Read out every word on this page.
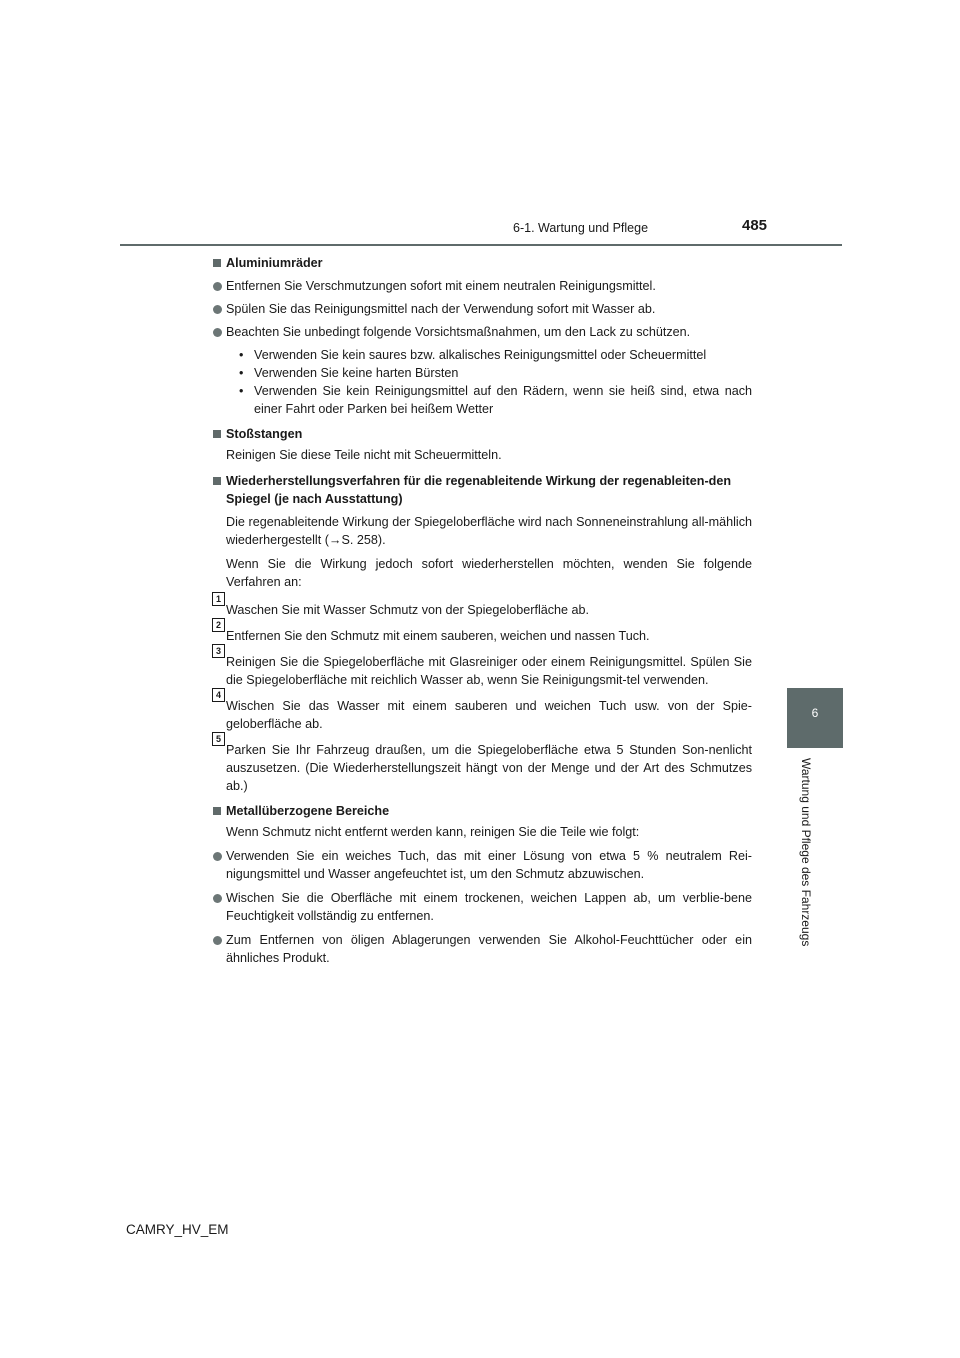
6-1. Wartung und Pflege	485
6
Wartung und Pflege des Fahrzeugs
Aluminiumräder
Entfernen Sie Verschmutzungen sofort mit einem neutralen Reinigungsmittel.
Spülen Sie das Reinigungsmittel nach der Verwendung sofort mit Wasser ab.
Beachten Sie unbedingt folgende Vorsichtsmaßnahmen, um den Lack zu schützen.
• Verwenden Sie kein saures bzw. alkalisches Reinigungsmittel oder Scheuermittel
• Verwenden Sie keine harten Bürsten
• Verwenden Sie kein Reinigungsmittel auf den Rädern, wenn sie heiß sind, etwa nach einer Fahrt oder Parken bei heißem Wetter
Stoßstangen

Reinigen Sie diese Teile nicht mit Scheuermitteln.

Wiederherstellungsverfahren für die regenableitende Wirkung der regenableiten-den Spiegel (je nach Ausstattung)

Die regenableitende Wirkung der Spiegeloberfläche wird nach Sonneneinstrahlung all-mählich wiederhergestellt (→S. 258).

Wenn Sie die Wirkung jedoch sofort wiederherstellen möchten, wenden Sie folgende Verfahren an:

1
Waschen Sie mit Wasser Schmutz von der Spiegeloberfläche ab.
2
Entfernen Sie den Schmutz mit einem sauberen, weichen und nassen Tuch.
3
Reinigen Sie die Spiegeloberfläche mit Glasreiniger oder einem Reinigungsmittel. Spülen Sie die Spiegeloberfläche mit reichlich Wasser ab, wenn Sie Reinigungsmit-tel verwenden.
4
Wischen Sie das Wasser mit einem sauberen und weichen Tuch usw. von der Spie-geloberfläche ab.
5
Parken Sie Ihr Fahrzeug draußen, um die Spiegeloberfläche etwa 5 Stunden Son-nenlicht auszusetzen. (Die Wiederherstellungszeit hängt von der Menge und der Art des Schmutzes ab.)
Metallüberzogene Bereiche

Wenn Schmutz nicht entfernt werden kann, reinigen Sie die Teile wie folgt:

Verwenden Sie ein weiches Tuch, das mit einer Lösung von etwa 5 % neutralem Rei-nigungsmittel und Wasser angefeuchtet ist, um den Schmutz abzuwischen.
Wischen Sie die Oberfläche mit einem trockenen, weichen Lappen ab, um verblie-bene Feuchtigkeit vollständig zu entfernen.
Zum Entfernen von öligen Ablagerungen verwenden Sie Alkohol-Feuchttücher oder ein ähnliches Produkt.
CAMRY_HV_EM
